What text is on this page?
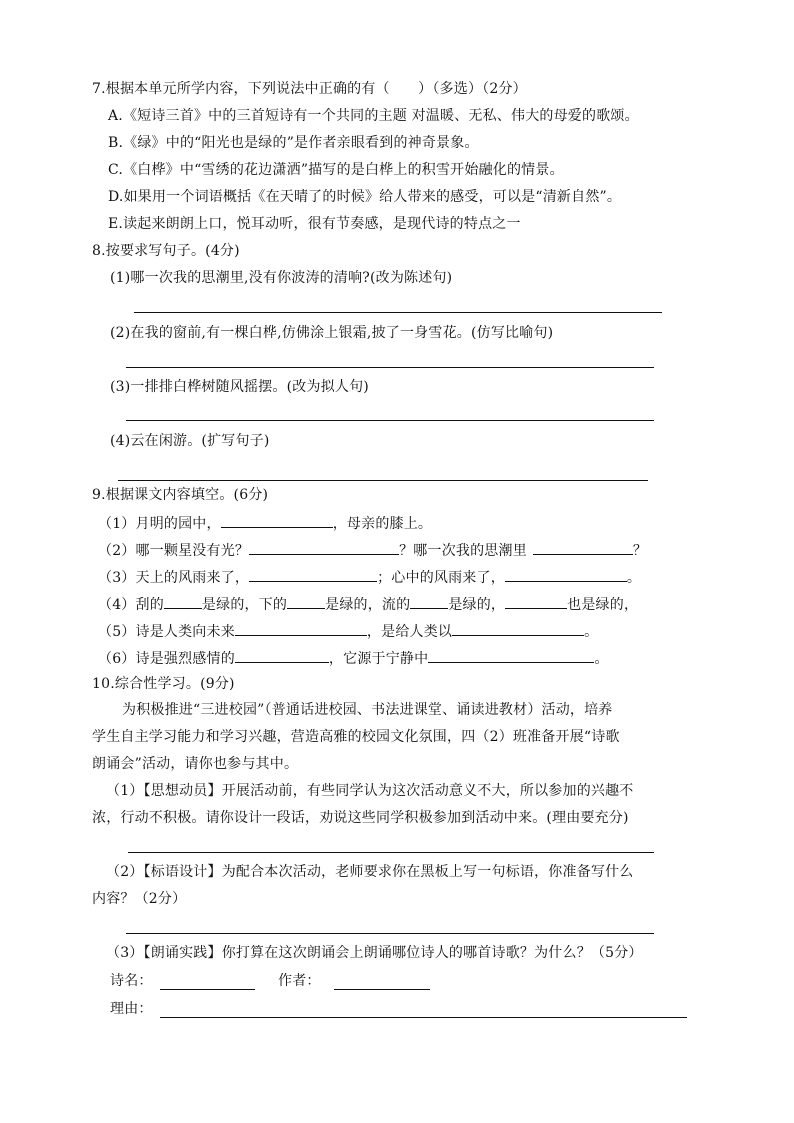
7.根据本单元所学内容，下列说法中正确的有（　　）（多选）（2分）
A.《短诗三首》中的三首短诗有一个共同的主题 对温暖、无私、伟大的母爱的歌颂。
B.《绿》中的“阳光也是绿的”是作者亲眼看到的神奇景象。
C.《白桦》中“雪绣的花边潇洒”描写的是白桦上的积雪开始融化的情景。
D.如果用一个词语概括《在天晴了的时候》给人带来的感受，可以是“清新自然”。
E.读起来朗朗上口，悦耳动听，很有节奏感，是现代诗的特点之一
8.按要求写句子。(4分)
(1)哪一次我的思潮里,没有你波涛的清响?(改为陈述句)
(2)在我的窗前,有一棵白桦,仿佛涂上银霜,披了一身雪花。(仿写比喻句)
(3)一排排白桦树随风摇摆。(改为拟人句)
(4)云在闲游。(扩写句子)
9.根据课文内容填空。(6分)
（1）月明的园中，	，母亲的膝上。
（2）哪一颗星没有光？	？哪一次我的思潮里	？
（3）天上的风雨来了，	；心中的风雨来了，	。
（4）刮的	是绿的，下的	是绿的，流的	是绿的，	也是绿的，
（5）诗是人类向未来	，是给人类以	。
（6）诗是强烈感情的	，它源于宁静中	。
10.综合性学习。(9分)
为积极推进“三进校园”（普通话进校园、书法进课堂、诵读进教材）活动，培养
学生自主学习能力和学习兴趣，营造高雅的校园文化氛围，四（2）班准备开展“诗歌
朗诵会”活动，请你也参与其中。
（1）【思想动员】开展活动前，有些同学认为这次活动意义不大，所以参加的兴趣不
浓，行动不积极。请你设计一段话，劝说这些同学积极参加到活动中来。(理由要充分)
（2）【标语设计】为配合本次活动，老师要求你在黑板上写一句标语，你准备写什么
内容？（2分）
（3）【朗诵实践】你打算在这次朗诵会上朗诵哪位诗人的哪首诗歌？为什么？（5分）
诗名：	作者：
理由：
